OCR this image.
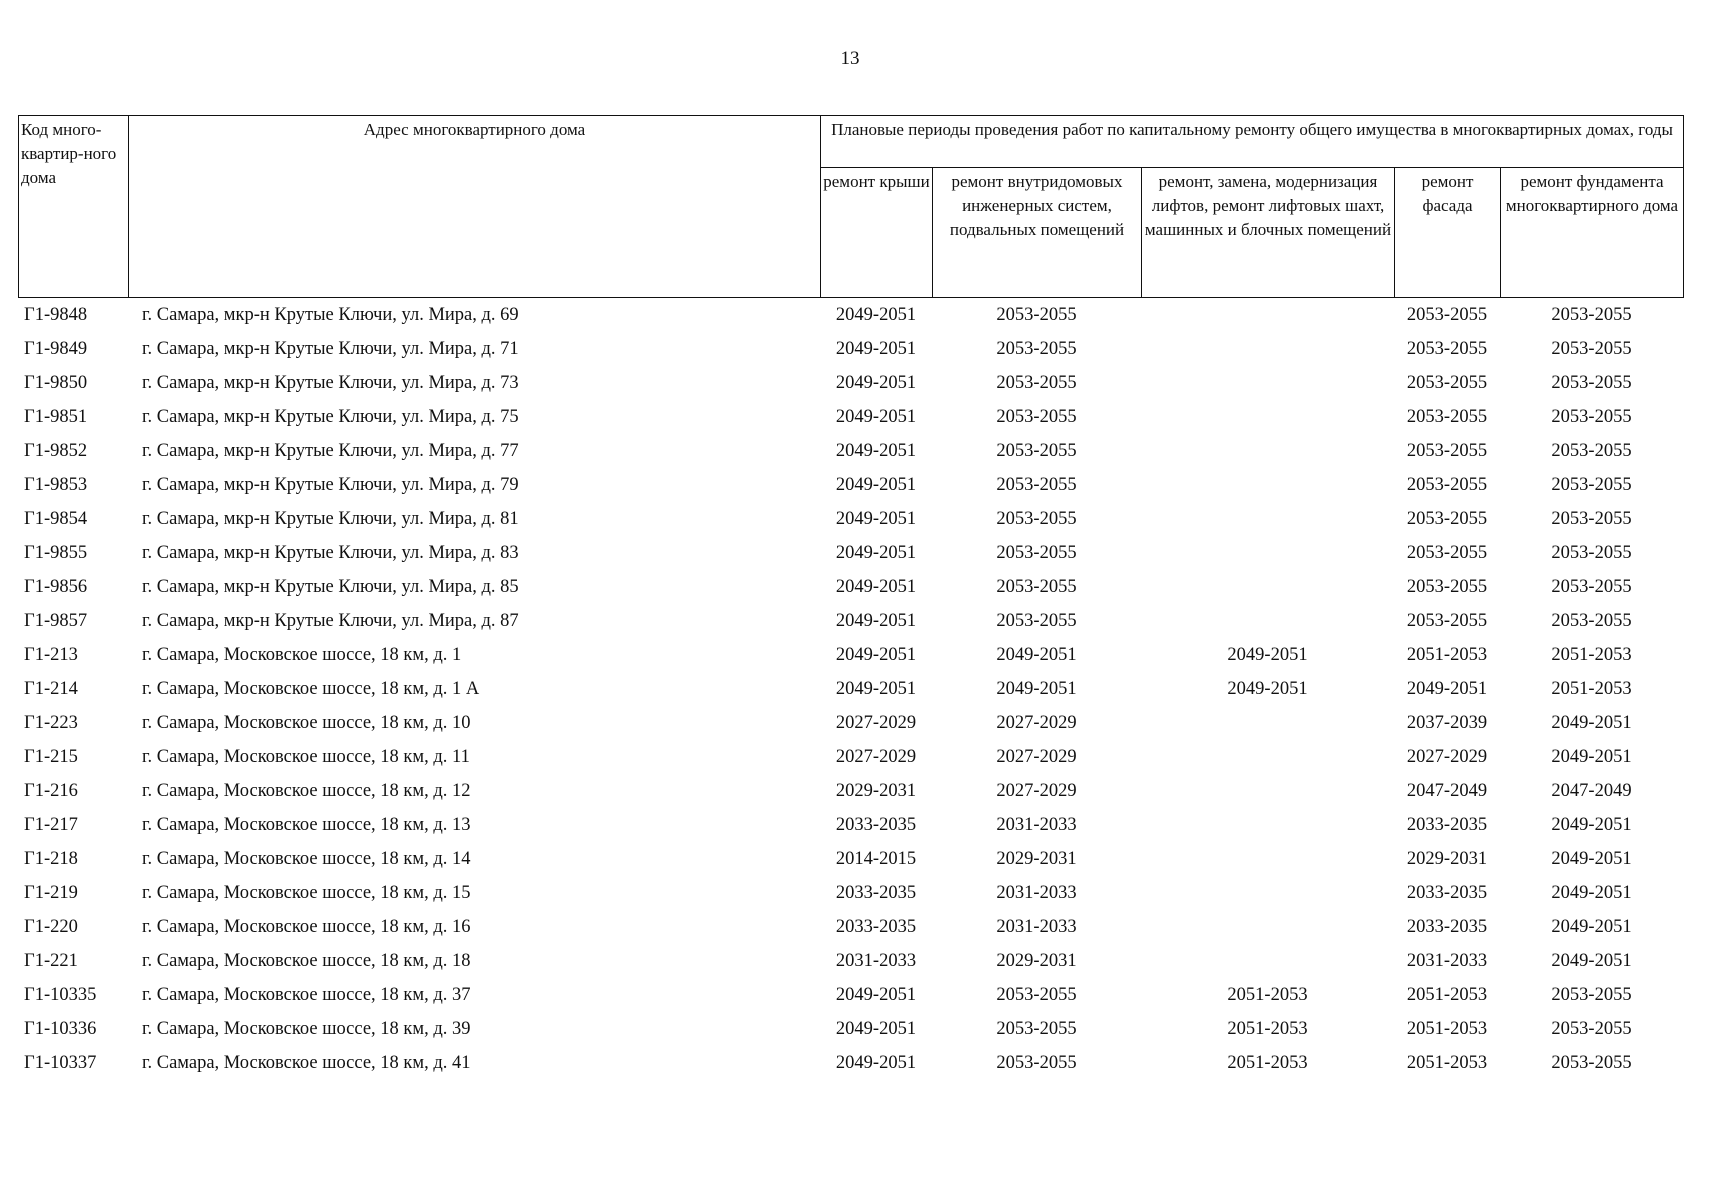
13
Код много-квартир-ного дома	Адрес многоквартирного дома	Плановые периоды проведения работ по капитальному ремонту общего имущества в многоквартирных домах, годы				
		ремонт крыши	ремонт внутридомовых инженерных систем, подвальных помещений	ремонт, замена, модернизация лифтов, ремонт лифтовых шахт, машинных и блочных помещений	ремонт фасада	ремонт фундамента многоквартирного дома
Г1-9848	г. Самара, мкр-н Крутые Ключи, ул. Мира, д. 69	2049-2051	2053-2055		2053-2055	2053-2055
Г1-9849	г. Самара, мкр-н Крутые Ключи, ул. Мира, д. 71	2049-2051	2053-2055		2053-2055	2053-2055
Г1-9850	г. Самара, мкр-н Крутые Ключи, ул. Мира, д. 73	2049-2051	2053-2055		2053-2055	2053-2055
Г1-9851	г. Самара, мкр-н Крутые Ключи, ул. Мира, д. 75	2049-2051	2053-2055		2053-2055	2053-2055
Г1-9852	г. Самара, мкр-н Крутые Ключи, ул. Мира, д. 77	2049-2051	2053-2055		2053-2055	2053-2055
Г1-9853	г. Самара, мкр-н Крутые Ключи, ул. Мира, д. 79	2049-2051	2053-2055		2053-2055	2053-2055
Г1-9854	г. Самара, мкр-н Крутые Ключи, ул. Мира, д. 81	2049-2051	2053-2055		2053-2055	2053-2055
Г1-9855	г. Самара, мкр-н Крутые Ключи, ул. Мира, д. 83	2049-2051	2053-2055		2053-2055	2053-2055
Г1-9856	г. Самара, мкр-н Крутые Ключи, ул. Мира, д. 85	2049-2051	2053-2055		2053-2055	2053-2055
Г1-9857	г. Самара, мкр-н Крутые Ключи, ул. Мира, д. 87	2049-2051	2053-2055		2053-2055	2053-2055
Г1-213	г. Самара, Московское шоссе, 18 км, д. 1	2049-2051	2049-2051	2049-2051	2051-2053	2051-2053
Г1-214	г. Самара, Московское шоссе, 18 км, д. 1 А	2049-2051	2049-2051	2049-2051	2049-2051	2051-2053
Г1-223	г. Самара, Московское шоссе, 18 км, д. 10	2027-2029	2027-2029		2037-2039	2049-2051
Г1-215	г. Самара, Московское шоссе, 18 км, д. 11	2027-2029	2027-2029		2027-2029	2049-2051
Г1-216	г. Самара, Московское шоссе, 18 км, д. 12	2029-2031	2027-2029		2047-2049	2047-2049
Г1-217	г. Самара, Московское шоссе, 18 км, д. 13	2033-2035	2031-2033		2033-2035	2049-2051
Г1-218	г. Самара, Московское шоссе, 18 км, д. 14	2014-2015	2029-2031		2029-2031	2049-2051
Г1-219	г. Самара, Московское шоссе, 18 км, д. 15	2033-2035	2031-2033		2033-2035	2049-2051
Г1-220	г. Самара, Московское шоссе, 18 км, д. 16	2033-2035	2031-2033		2033-2035	2049-2051
Г1-221	г. Самара, Московское шоссе, 18 км, д. 18	2031-2033	2029-2031		2031-2033	2049-2051
Г1-10335	г. Самара, Московское шоссе, 18 км, д. 37	2049-2051	2053-2055	2051-2053	2051-2053	2053-2055
Г1-10336	г. Самара, Московское шоссе, 18 км, д. 39	2049-2051	2053-2055	2051-2053	2051-2053	2053-2055
Г1-10337	г. Самара, Московское шоссе, 18 км, д. 41	2049-2051	2053-2055	2051-2053	2051-2053	2053-2055
